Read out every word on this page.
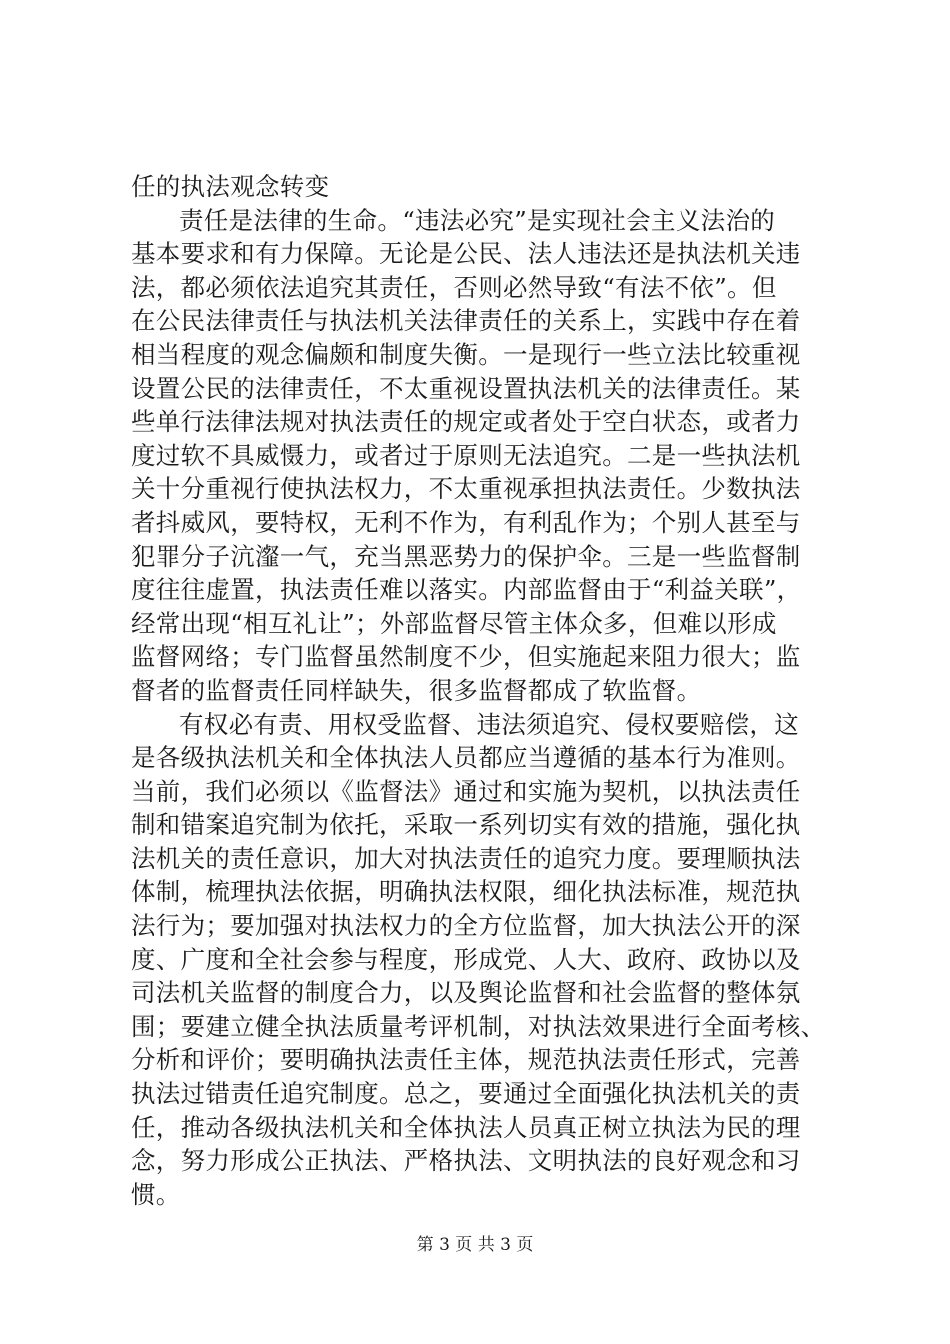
任的执法观念转变
责任是法律的生命。“违法必究”是实现社会主义法治的
基本要求和有力保障。无论是公民、法人违法还是执法机关违
法，都必须依法追究其责任，否则必然导致“有法不依”。但
在公民法律责任与执法机关法律责任的关系上，实践中存在着
相当程度的观念偏颇和制度失衡。一是现行一些立法比较重视
设置公民的法律责任，不太重视设置执法机关的法律责任。某
些单行法律法规对执法责任的规定或者处于空白状态，或者力
度过软不具威慑力，或者过于原则无法追究。二是一些执法机
关十分重视行使执法权力，不太重视承担执法责任。少数执法
者抖威风，要特权，无利不作为，有利乱作为；个别人甚至与
犯罪分子沆瀣一气，充当黑恶势力的保护伞。三是一些监督制
度往往虚置，执法责任难以落实。内部监督由于“利益关联”，
经常出现“相互礼让”；外部监督尽管主体众多，但难以形成
监督网络；专门监督虽然制度不少，但实施起来阻力很大；监
督者的监督责任同样缺失，很多监督都成了软监督。
有权必有责、用权受监督、违法须追究、侵权要赔偿，这
是各级执法机关和全体执法人员都应当遵循的基本行为准则。
当前，我们必须以《监督法》通过和实施为契机，以执法责任
制和错案追究制为依托，采取一系列切实有效的措施，强化执
法机关的责任意识，加大对执法责任的追究力度。要理顺执法
体制，梳理执法依据，明确执法权限，细化执法标准，规范执
法行为；要加强对执法权力的全方位监督，加大执法公开的深
度、广度和全社会参与程度，形成党、人大、政府、政协以及
司法机关监督的制度合力，以及舆论监督和社会监督的整体氛
围；要建立健全执法质量考评机制，对执法效果进行全面考核、
分析和评价；要明确执法责任主体，规范执法责任形式，完善
执法过错责任追究制度。总之，要通过全面强化执法机关的责
任，推动各级执法机关和全体执法人员真正树立执法为民的理
念，努力形成公正执法、严格执法、文明执法的良好观念和习
惯。
第 3 页 共 3 页
